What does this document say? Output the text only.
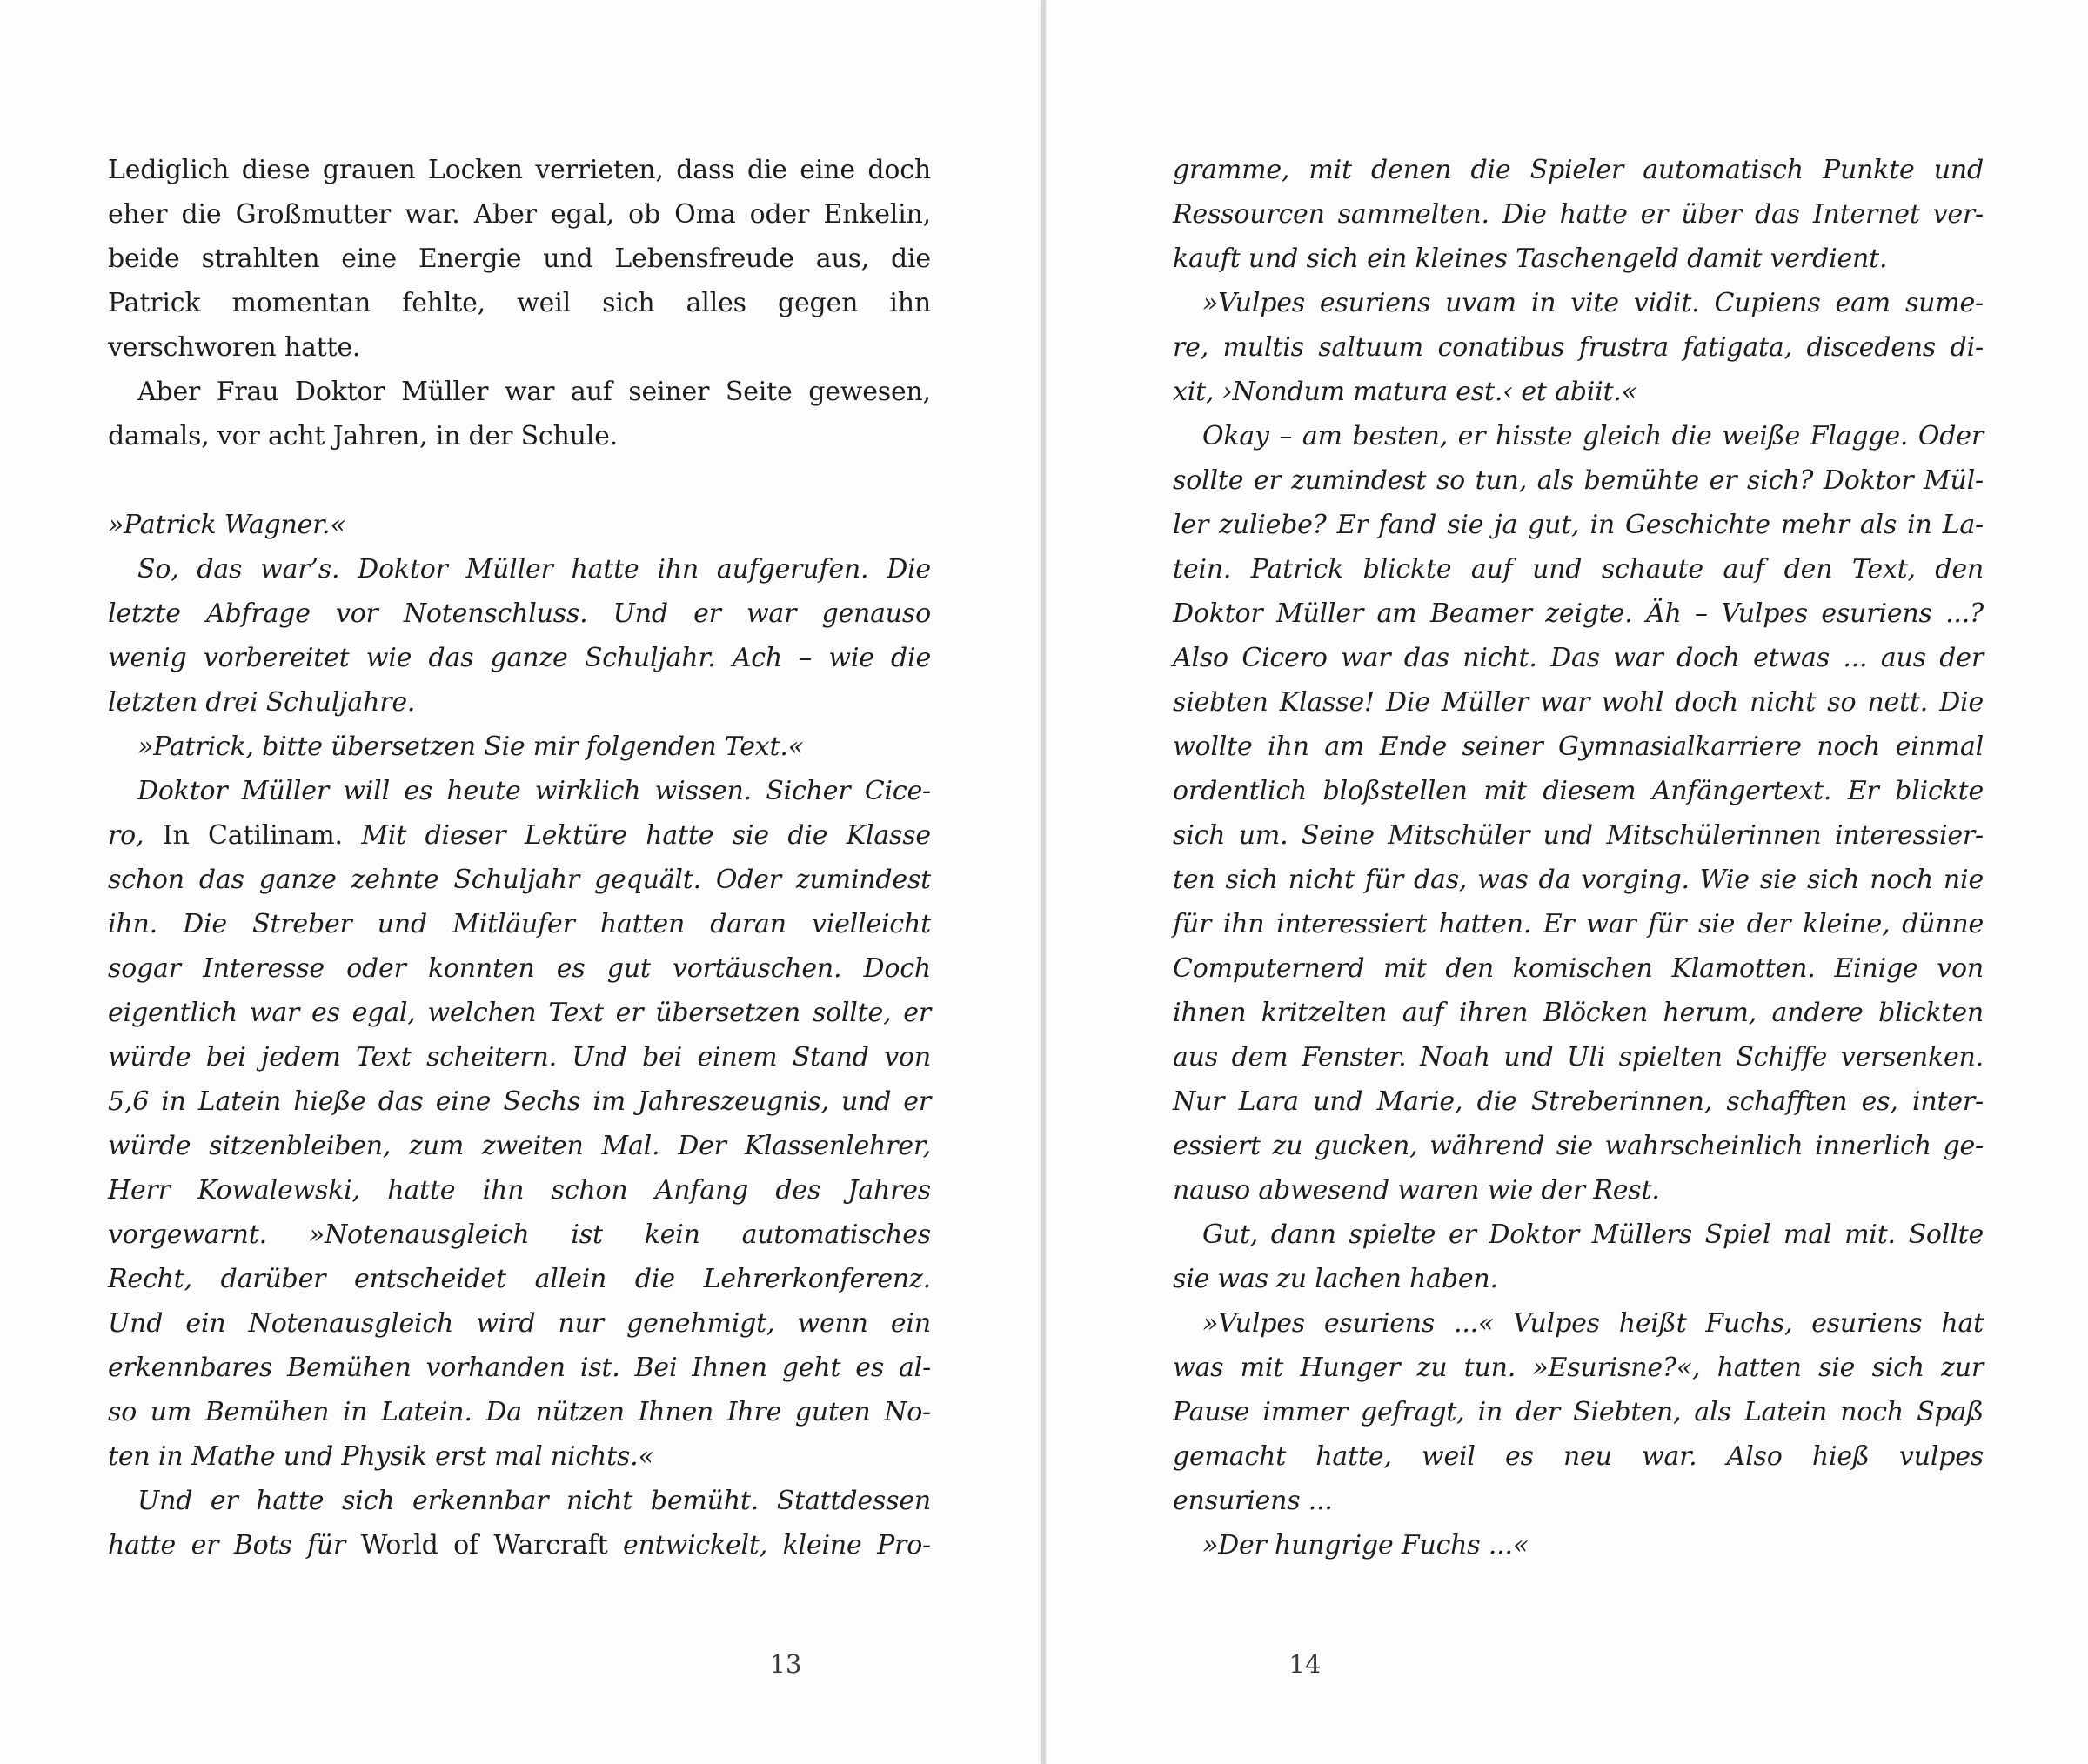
Lediglich diese grauen Locken verrieten, dass die eine doch
eher die Großmutter war. Aber egal, ob Oma oder Enkelin,
beide strahlten eine Energie und Lebensfreude aus, die
Patrick momentan fehlte, weil sich alles gegen ihn
verschworen hatte.
Aber Frau Doktor Müller war auf seiner Seite gewesen,
damals, vor acht Jahren, in der Schule.
»Patrick Wagner.«
So, das war’s. Doktor Müller hatte ihn aufgerufen. Die
letzte Abfrage vor Notenschluss. Und er war genauso
wenig vorbereitet wie das ganze Schuljahr. Ach – wie die
letzten drei Schuljahre.
»Patrick, bitte übersetzen Sie mir folgenden Text.«
Doktor Müller will es heute wirklich wissen. Sicher Cice-
ro, In Catilinam. Mit dieser Lektüre hatte sie die Klasse
schon das ganze zehnte Schuljahr gequält. Oder zumindest
ihn. Die Streber und Mitläufer hatten daran vielleicht
sogar Interesse oder konnten es gut vortäuschen. Doch
eigentlich war es egal, welchen Text er übersetzen sollte, er
würde bei jedem Text scheitern. Und bei einem Stand von
5,6 in Latein hieße das eine Sechs im Jahreszeugnis, und er
würde sitzenbleiben, zum zweiten Mal. Der Klassenlehrer,
Herr Kowalewski, hatte ihn schon Anfang des Jahres
vorgewarnt. »Notenausgleich ist kein automatisches
Recht, darüber entscheidet allein die Lehrerkonferenz.
Und ein Notenausgleich wird nur genehmigt, wenn ein
erkennbares Bemühen vorhanden ist. Bei Ihnen geht es al-
so um Bemühen in Latein. Da nützen Ihnen Ihre guten No-
ten in Mathe und Physik erst mal nichts.«
Und er hatte sich erkennbar nicht bemüht. Stattdessen
hatte er Bots für World of Warcraft entwickelt, kleine Pro-
gramme, mit denen die Spieler automatisch Punkte und
Ressourcen sammelten. Die hatte er über das Internet ver-
kauft und sich ein kleines Taschengeld damit verdient.
»Vulpes esuriens uvam in vite vidit. Cupiens eam sume-
re, multis saltuum conatibus frustra fatigata, discedens di-
xit, ›Nondum matura est.‹ et abiit.«
Okay – am besten, er hisste gleich die weiße Flagge. Oder
sollte er zumindest so tun, als bemühte er sich? Doktor Mül-
ler zuliebe? Er fand sie ja gut, in Geschichte mehr als in La-
tein. Patrick blickte auf und schaute auf den Text, den
Doktor Müller am Beamer zeigte. Äh – Vulpes esuriens ...?
Also Cicero war das nicht. Das war doch etwas ... aus der
siebten Klasse! Die Müller war wohl doch nicht so nett. Die
wollte ihn am Ende seiner Gymnasialkarriere noch einmal
ordentlich bloßstellen mit diesem Anfängertext. Er blickte
sich um. Seine Mitschüler und Mitschülerinnen interessier-
ten sich nicht für das, was da vorging. Wie sie sich noch nie
für ihn interessiert hatten. Er war für sie der kleine, dünne
Computernerd mit den komischen Klamotten. Einige von
ihnen kritzelten auf ihren Blöcken herum, andere blickten
aus dem Fenster. Noah und Uli spielten Schiffe versenken.
Nur Lara und Marie, die Streberinnen, schafften es, inter-
essiert zu gucken, während sie wahrscheinlich innerlich ge-
nauso abwesend waren wie der Rest.
Gut, dann spielte er Doktor Müllers Spiel mal mit. Sollte
sie was zu lachen haben.
»Vulpes esuriens ...« Vulpes heißt Fuchs, esuriens hat
was mit Hunger zu tun. »Esurisne?«, hatten sie sich zur
Pause immer gefragt, in der Siebten, als Latein noch Spaß
gemacht hatte, weil es neu war. Also hieß vulpes
ensuriens ...
»Der hungrige Fuchs ...«
13	14
